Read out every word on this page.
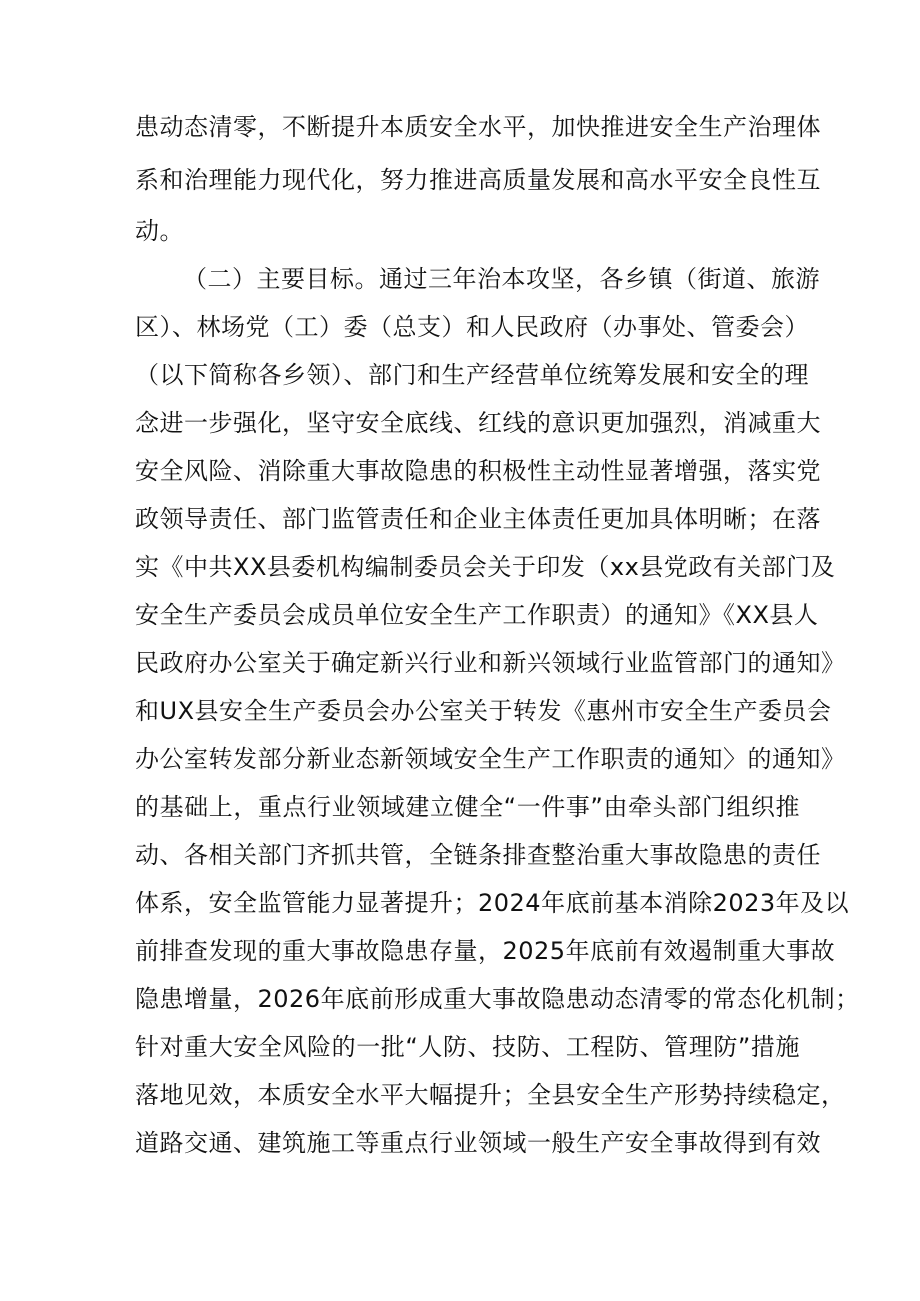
患动态清零，不断提升本质安全水平，加快推进安全生产治理体
系和治理能力现代化，努力推进高质量发展和高水平安全良性互
动。
（二）主要目标。通过三年治本攻坚，各乡镇（街道、旅游
区）、林场党（工）委（总支）和人民政府（办事处、管委会）
（以下简称各乡领）、部门和生产经营单位统筹发展和安全的理
念进一步强化，坚守安全底线、红线的意识更加强烈，消减重大
安全风险、消除重大事故隐患的积极性主动性显著增强，落实党
政领导责任、部门监管责任和企业主体责任更加具体明晰；在落
实《中共XX县委机构编制委员会关于印发（xx县党政有关部门及
安全生产委员会成员单位安全生产工作职责）的通知》《XX县人
民政府办公室关于确定新兴行业和新兴领域行业监管部门的通知》
和UX县安全生产委员会办公室关于转发《惠州市安全生产委员会
办公室转发部分新业态新领域安全生产工作职责的通知〉的通知》
的基础上，重点行业领域建立健全“一件事”由牵头部门组织推
动、各相关部门齐抓共管，全链条排查整治重大事故隐患的责任
体系，安全监管能力显著提升；2024年底前基本消除2023年及以
前排查发现的重大事故隐患存量，2025年底前有效遏制重大事故
隐患增量，2026年底前形成重大事故隐患动态清零的常态化机制；
针对重大安全风险的一批“人防、技防、工程防、管理防”措施
落地见效，本质安全水平大幅提升；全县安全生产形势持续稳定，
道路交通、建筑施工等重点行业领域一般生产安全事故得到有效
